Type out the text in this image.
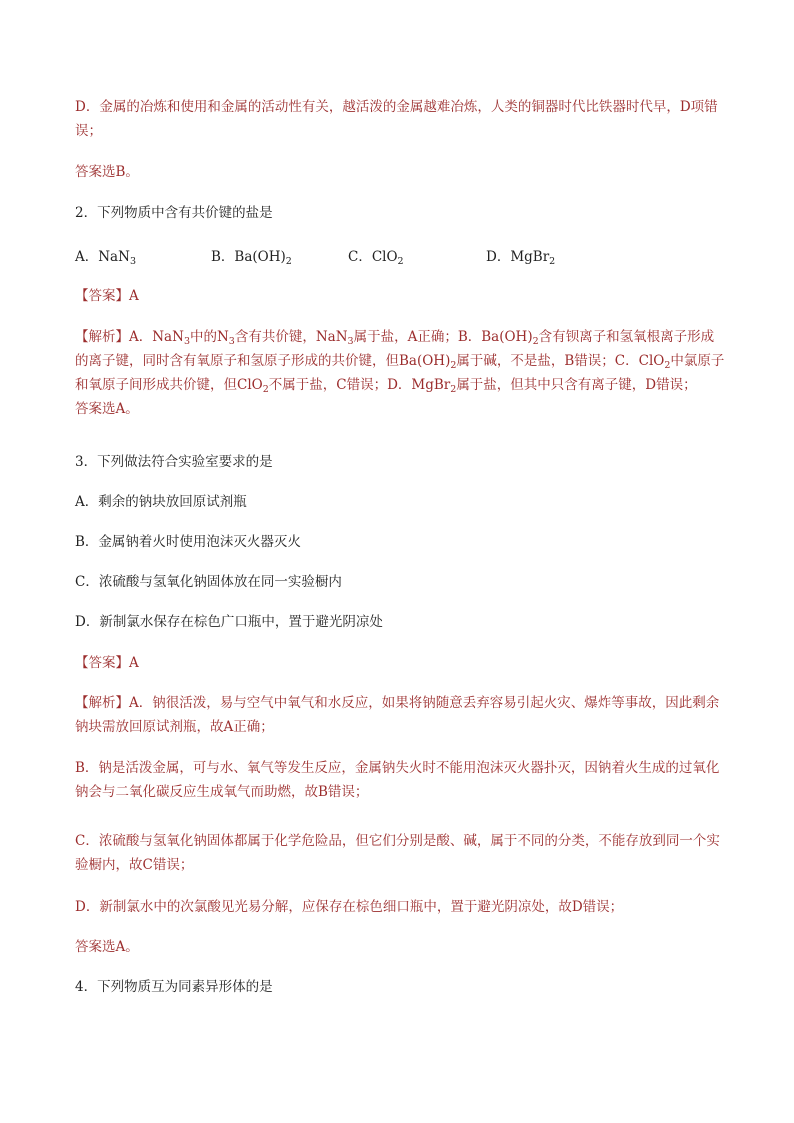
D．金属的冶炼和使用和金属的活动性有关，越活泼的金属越难冶炼，人类的铜器时代比铁器时代早，D项错误；

答案选B。

2．下列物质中含有共价键的盐是

A．NaN$_3$	B．$Ba(OH)_2$	C．ClO$_2$	D．MgBr$_2$

【答案】A

【解析】A．NaN$_3$中的$N_3$含有共价键，NaN$_3$属于盐，A正确；B．$Ba(OH)_2$含有钡离子和氢氧根离子形成的离子键，同时含有氧原子和氢原子形成的共价键，但$Ba(OH)_2$属于碱，不是盐，B错误；C．ClO$_2$中氯原子和氧原子间形成共价键，但ClO$_2$不属于盐，C错误；D．MgBr$_2$属于盐，但其中只含有离子键，D错误；
答案选A。

3．下列做法符合实验室要求的是

A．剩余的钠块放回原试剂瓶

B．金属钠着火时使用泡沫灭火器灭火

C．浓硫酸与氢氧化钠固体放在同一实验橱内

D．新制氯水保存在棕色广口瓶中，置于避光阴凉处

【答案】A

【解析】A．钠很活泼，易与空气中氧气和水反应，如果将钠随意丢弃容易引起火灾、爆炸等事故，因此剩余钠块需放回原试剂瓶，故A正确；

B．钠是活泼金属，可与水、氧气等发生反应，金属钠失火时不能用泡沫灭火器扑灭，因钠着火生成的过氧化钠会与二氧化碳反应生成氧气而助燃，故B错误；

C．浓硫酸与氢氧化钠固体都属于化学危险品，但它们分别是酸、碱，属于不同的分类，不能存放到同一个实验橱内，故C错误；

D．新制氯水中的次氯酸见光易分解，应保存在棕色细口瓶中，置于避光阴凉处，故D错误；

答案选A。

4．下列物质互为同素异形体的是
